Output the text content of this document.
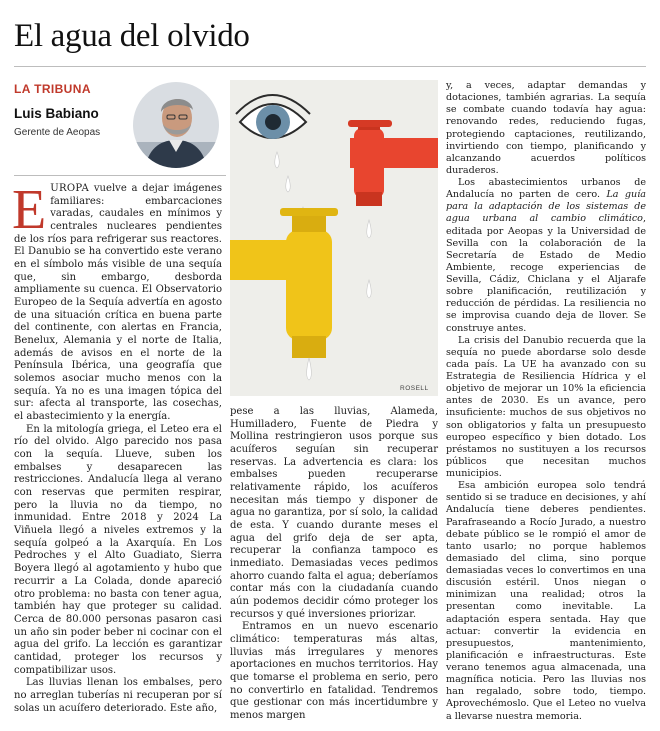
El agua del olvido
LA TRIBUNA
Luis Babiano
Gerente de Aeopas
ROSELL

EUROPA vuelve a dejar imágenes familiares: embarcaciones varadas, caudales en mínimos y centrales nucleares pendientes de los ríos para refrigerar sus reactores. El Danubio se ha convertido este verano en el símbolo más visible de una sequía que, sin embargo, desborda ampliamente su cuenca. El Observatorio Europeo de la Sequía advertía en agosto de una situación crítica en buena parte del continente, con alertas en Francia, Benelux, Alemania y el norte de Italia, además de avisos en el norte de la Península Ibérica, una geografía que solemos asociar mucho menos con la sequía. Ya no es una imagen tópica del sur: afecta al transporte, las cosechas, el abastecimiento y la energía.

En la mitología griega, el Leteo era el río del olvido. Algo parecido nos pasa con la sequía. Llueve, suben los embalses y desaparecen las restricciones. Andalucía llega al verano con reservas que permiten respirar, pero la lluvia no da tiempo, no inmunidad. Entre 2018 y 2024 La Viñuela llegó a niveles extremos y la sequía golpeó a la Axarquía. En Los Pedroches y el Alto Guadiato, Sierra Boyera llegó al agotamiento y hubo que recurrir a La Colada, donde apareció otro problema: no basta con tener agua, también hay que proteger su calidad. Cerca de 80.000 personas pasaron casi un año sin poder beber ni cocinar con el agua del grifo. La lección es garantizar cantidad, proteger los recursos y compatibilizar usos.

Las lluvias llenan los embalses, pero no arreglan tuberías ni recuperan por sí solas un acuífero deteriorado. Este año,

pese a las lluvias, Alameda, Humilladero, Fuente de Piedra y Mollina restringieron usos porque sus acuíferos seguían sin recuperar reservas. La advertencia es clara: los embalses pueden recuperarse relativamente rápido, los acuíferos necesitan más tiempo y disponer de agua no garantiza, por sí solo, la calidad de esta. Y cuando durante meses el agua del grifo deja de ser apta, recuperar la confianza tampoco es inmediato. Demasiadas veces pedimos ahorro cuando falta el agua; deberíamos contar más con la ciudadanía cuando aún podemos decidir cómo proteger los recursos y qué inversiones priorizar.

Entramos en un nuevo escenario climático: temperaturas más altas, lluvias más irregulares y menores aportaciones en muchos territorios. Hay que tomarse el problema en serio, pero no convertirlo en fatalidad. Tendremos que gestionar con más incertidumbre y menos margen

y, a veces, adaptar demandas y dotaciones, también agrarias. La sequía se combate cuando todavía hay agua: renovando redes, reduciendo fugas, protegiendo captaciones, reutilizando, invirtiendo con tiempo, planificando y alcanzando acuerdos políticos duraderos.

Los abastecimientos urbanos de Andalucía no parten de cero. La guía para la adaptación de los sistemas de agua urbana al cambio climático, editada por Aeopas y la Universidad de Sevilla con la colaboración de la Secretaría de Estado de Medio Ambiente, recoge experiencias de Sevilla, Cádiz, Chiclana y el Aljarafe sobre planificación, reutilización y reducción de pérdidas. La resiliencia no se improvisa cuando deja de llover. Se construye antes.

La crisis del Danubio recuerda que la sequía no puede abordarse solo desde cada país. La UE ha avanzado con su Estrategia de Resiliencia Hídrica y el objetivo de mejorar un 10% la eficiencia antes de 2030. Es un avance, pero insuficiente: muchos de sus objetivos no son obligatorios y falta un presupuesto europeo específico y bien dotado. Los préstamos no sustituyen a los recursos públicos que necesitan muchos municipios.

Esa ambición europea solo tendrá sentido si se traduce en decisiones, y ahí Andalucía tiene deberes pendientes. Parafraseando a Rocío Jurado, a nuestro debate público se le rompió el amor de tanto usarlo; no porque hablemos demasiado del clima, sino porque demasiadas veces lo convertimos en una discusión estéril. Unos niegan o minimizan una realidad; otros la presentan como inevitable. La adaptación espera sentada. Hay que actuar: convertir la evidencia en presupuestos, mantenimiento, planificación e infraestructuras. Este verano tenemos agua almacenada, una magnífica noticia. Pero las lluvias nos han regalado, sobre todo, tiempo. Aprovechémoslo. Que el Leteo no vuelva a llevarse nuestra memoria.
